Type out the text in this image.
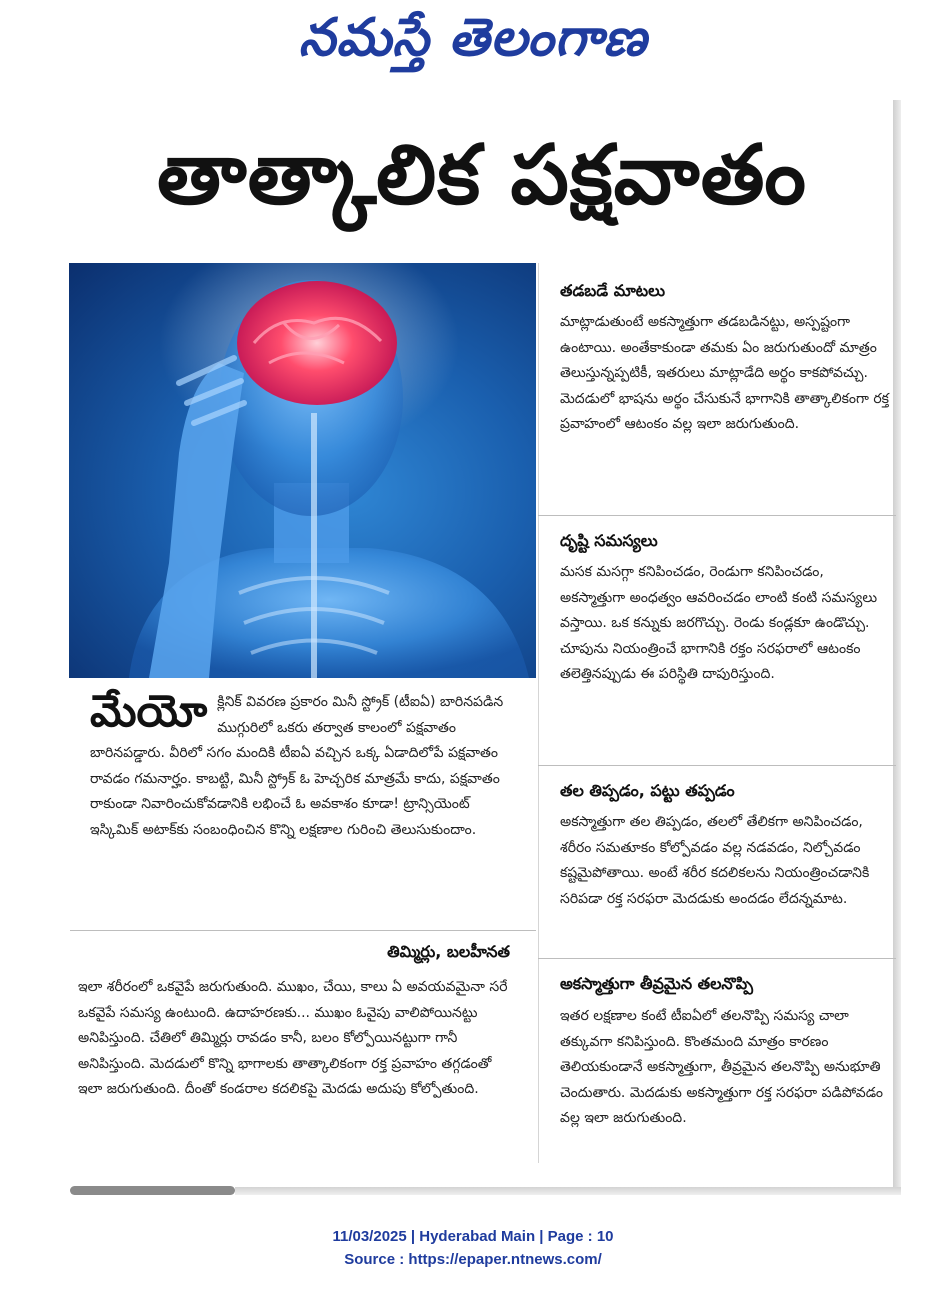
నమస్తే తెలంగాణ
తాత్కాలిక పక్షవాతం
తడబడే మాటలు
మాట్లాడుతుంటే అకస్మాత్తుగా తడబడినట్టు, అస్పష్టంగా ఉంటాయి. అంతేకాకుండా తమకు ఏం జరుగుతుందో మాత్రం తెలుస్తున్నప్పటికీ, ఇతరులు మాట్లాడేది అర్థం కాకపోవచ్చు. మెదడులో భాషను అర్థం చేసుకునే భాగానికి తాత్కాలికంగా రక్త ప్రవాహంలో ఆటంకం వల్ల ఇలా జరుగుతుంది.
దృష్టి సమస్యలు
మసక మసగ్గా కనిపించడం, రెండుగా కనిపించడం, అకస్మాత్తుగా అంధత్వం ఆవరించడం లాంటి కంటి సమస్యలు వస్తాయి. ఒక కన్నుకు జరగొచ్చు. రెండు కండ్లకూ ఉండొచ్చు. చూపును నియంత్రించే భాగానికి రక్తం సరఫరాలో ఆటంకం తలెత్తినప్పుడు ఈ పరిస్థితి దాపురిస్తుంది.
తల తిప్పడం, పట్టు తప్పడం
అకస్మాత్తుగా తల తిప్పడం, తలలో తేలికగా అనిపించడం, శరీరం సమతూకం కోల్పోవడం వల్ల నడవడం, నిల్చోవడం కష్టమైపోతాయి. అంటే శరీర కదలికలను నియంత్రించడానికి సరిపడా రక్త సరఫరా మెదడుకు అందడం లేదన్నమాట.
అకస్మాత్తుగా తీవ్రమైన తలనొప్పి
ఇతర లక్షణాల కంటే టీఐఏలో తలనొప్పి సమస్య చాలా తక్కువగా కనిపిస్తుంది. కొంతమంది మాత్రం కారణం తెలియకుండానే అకస్మాత్తుగా, తీవ్రమైన తలనొప్పి అనుభూతి చెందుతారు. మెదడుకు అకస్మాత్తుగా రక్త సరఫరా పడిపోవడం వల్ల ఇలా జరుగుతుంది.
మేయో క్లినిక్ వివరణ ప్రకారం మినీ స్ట్రోక్ (టీఐఏ) బారినపడిన ముగ్గురిలో ఒకరు తర్వాత కాలంలో పక్షవాతం బారినపడ్డారు. వీరిలో సగం మందికి టీఐఏ వచ్చిన ఒక్క ఏడాదిలోపే పక్షవాతం రావడం గమనార్హం. కాబట్టి, మినీ స్ట్రోక్ ఓ హెచ్చరిక మాత్రమే కాదు, పక్షవాతం రాకుండా నివారించుకోవడానికి లభించే ఓ అవకాశం కూడా! ట్రాన్సియెంట్ ఇస్కిమిక్ అటాక్‌కు సంబంధించిన కొన్ని లక్షణాల గురించి తెలుసుకుందాం.
తిమ్మిర్లు, బలహీనత
ఇలా శరీరంలో ఒకవైపే జరుగుతుంది. ముఖం, చేయి, కాలు ఏ అవయవమైనా సరే ఒకవైపే సమస్య ఉంటుంది. ఉదాహరణకు... ముఖం ఓవైపు వాలిపోయినట్టు అనిపిస్తుంది. చేతిలో తిమ్మిర్లు రావడం కానీ, బలం కోల్పోయినట్టుగా గానీ అనిపిస్తుంది. మెదడులో కొన్ని భాగాలకు తాత్కాలికంగా రక్త ప్రవాహం తగ్గడంతో ఇలా జరుగుతుంది. దీంతో కండరాల కదలికపై మెదడు అదుపు కోల్పోతుంది.
11/03/2025 | Hyderabad Main | Page : 10
Source : https://epaper.ntnews.com/
